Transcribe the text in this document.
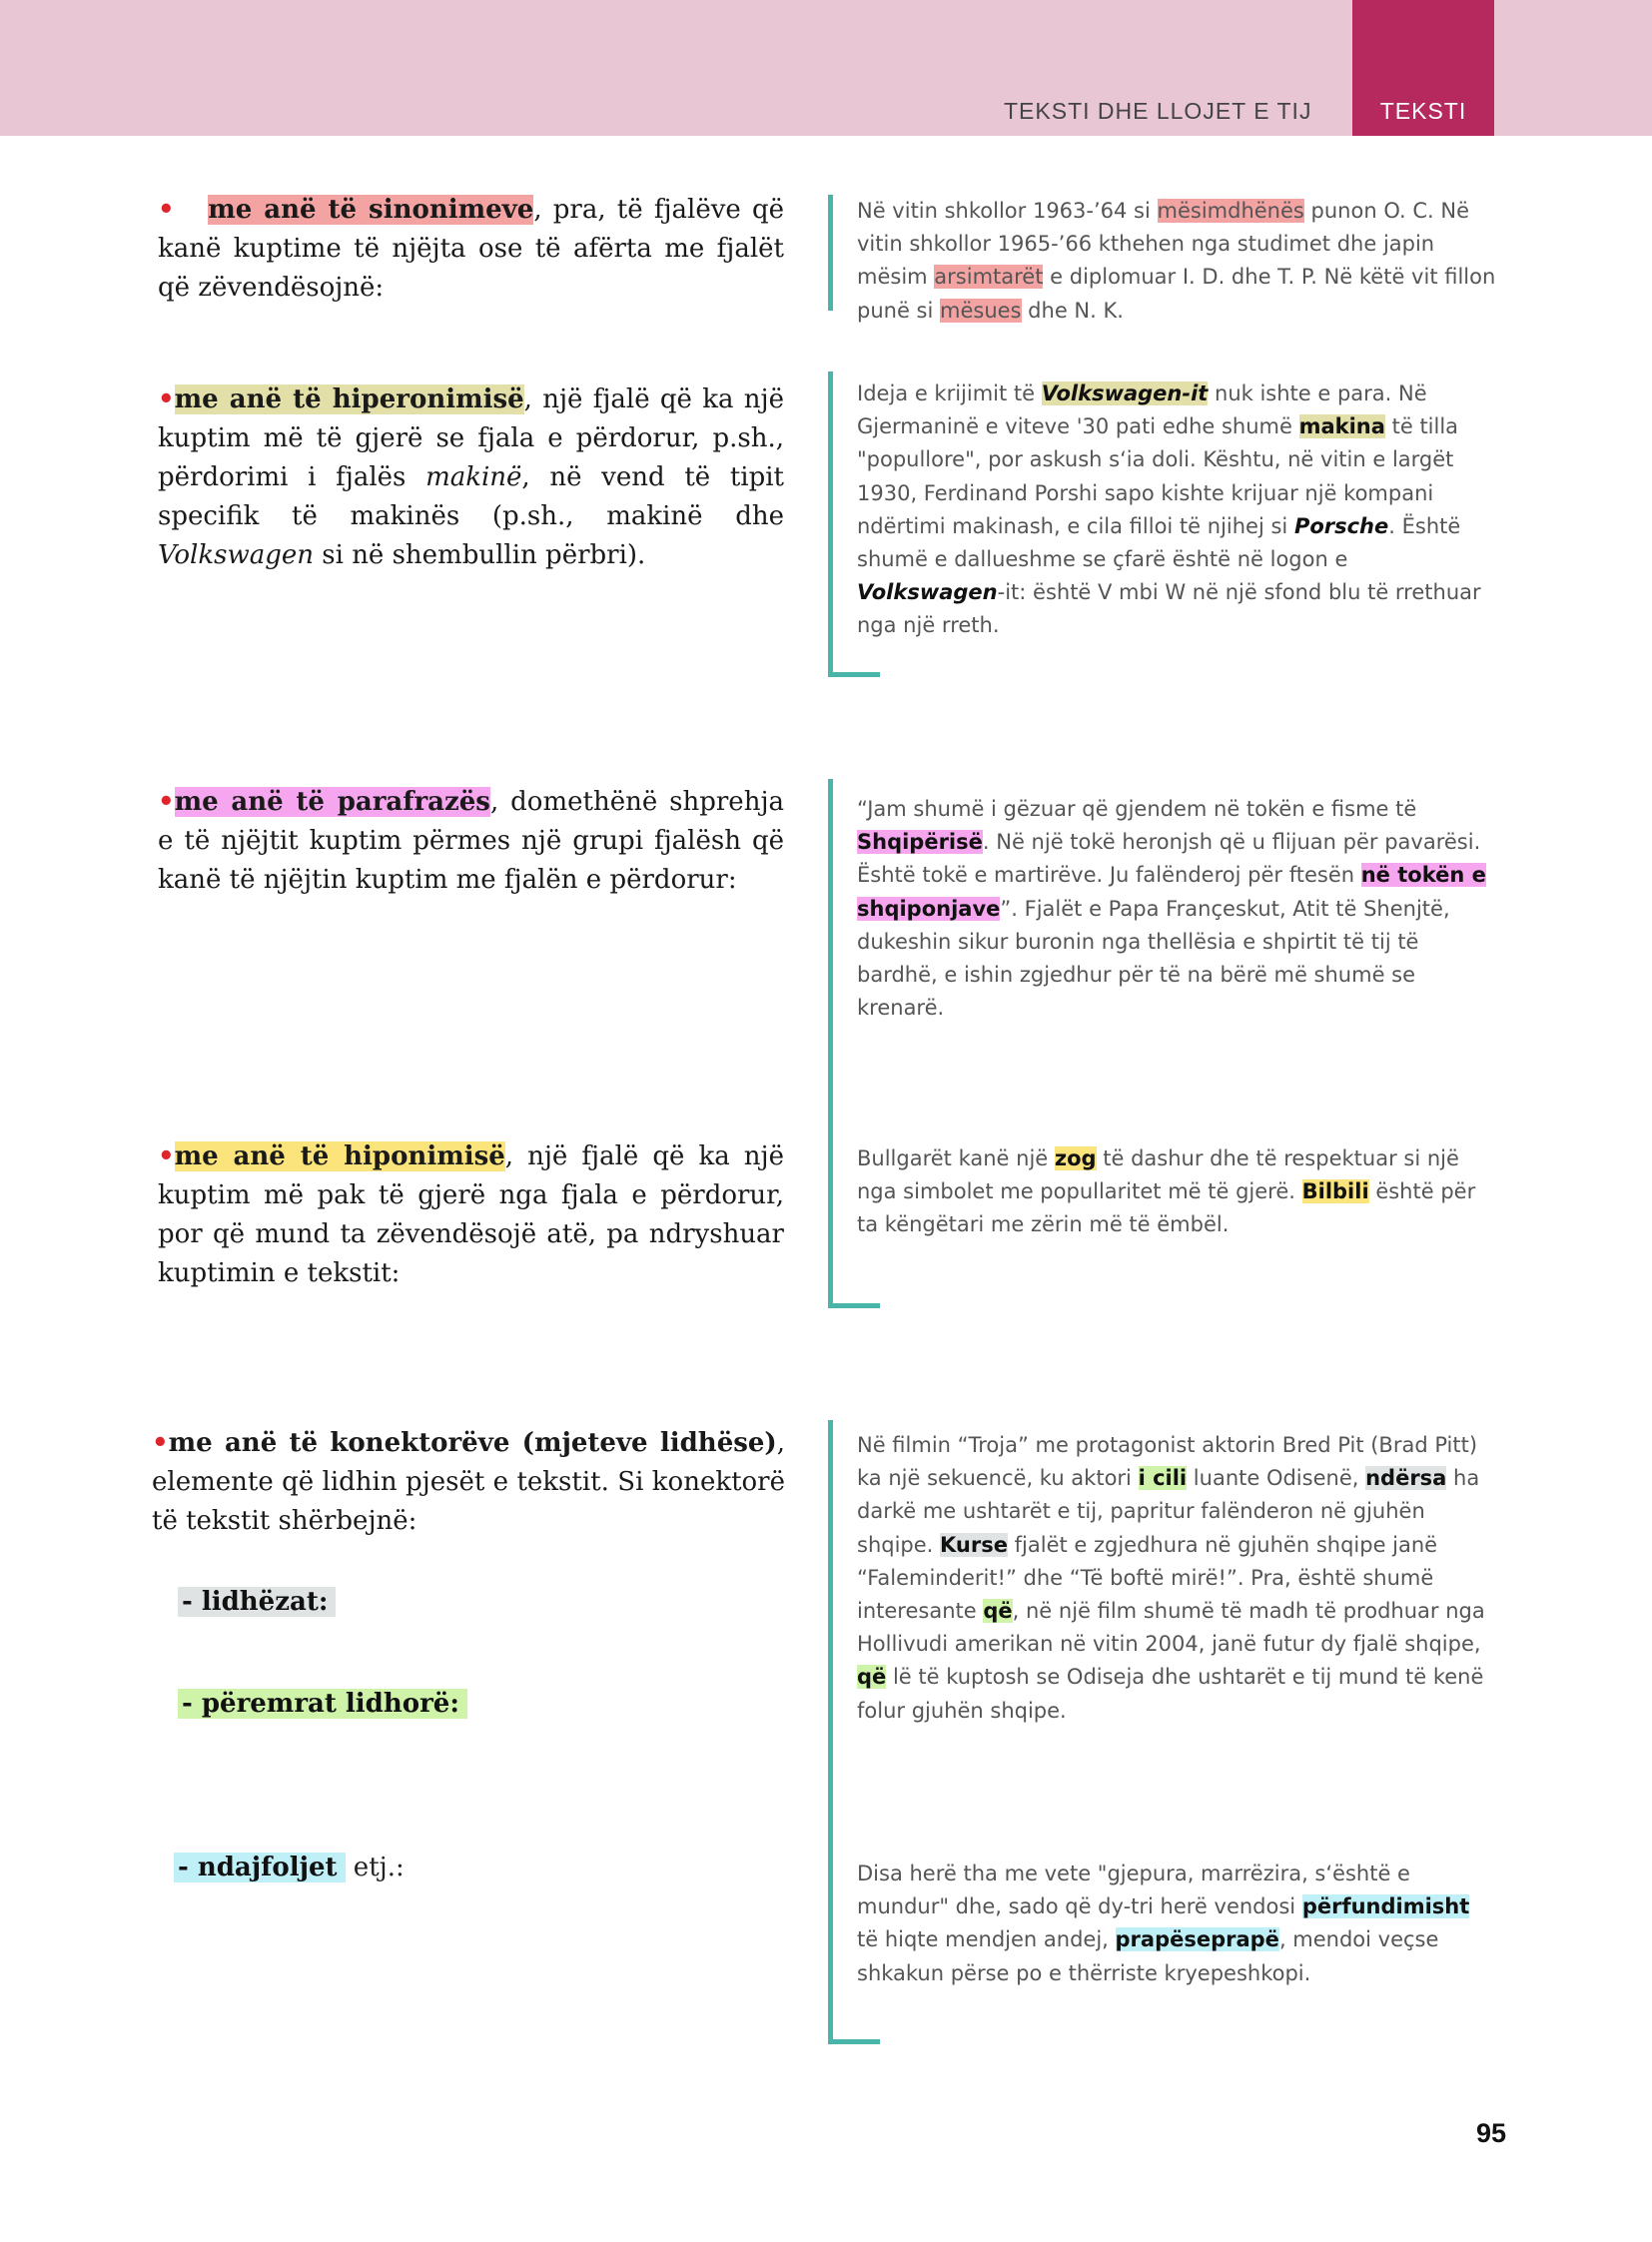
TEKSTI DHE LLOJET E TIJ	TEKSTI
• me anë të sinonimeve, pra, të fjalëve që kanë kuptime të njëjta ose të afërta me fjalët që zëvendësojnë:
Në vitin shkollor 1963-’64 si mësimdhënës punon O. C. Në vitin shkollor 1965-’66 kthehen nga studimet dhe japin mësim arsimtarët e diplomuar I. D. dhe T. P. Në këtë vit fillon punë si mësues dhe N. K.
•me anë të hiperonimisë, një fjalë që ka një kuptim më të gjerë se fjala e përdorur, p.sh., përdorimi i fjalës makinë, në vend të tipit specifik të makinës (p.sh., makinë dhe Volkswagen si në shembullin përbri).
Ideja e krijimit të Volkswagen-it nuk ishte e para. Në Gjermaninë e viteve '30 pati edhe shumë makina të tilla "popullore", por askush s‘ia doli. Kështu, në vitin e largët 1930, Ferdinand Porshi sapo kishte krijuar një kompani ndërtimi makinash, e cila filloi të njihej si Porsche. Është shumë e dallueshme se çfarë është në logon e Volkswagen-it: është V mbi W në një sfond blu të rrethuar nga një rreth.
•me anë të parafrazës, domethënë shprehja e të njëjtit kuptim përmes një grupi fjalësh që kanë të njëjtin kuptim me fjalën e përdorur:
“Jam shumë i gëzuar që gjendem në tokën e fisme të Shqipërisë. Në një tokë heronjsh që u flijuan për pavarësi. Është tokë e martirëve. Ju falënderoj për ftesën në tokën e shqiponjave”. Fjalët e Papa Françeskut, Atit të Shenjtë, dukeshin sikur buronin nga thellësia e shpirtit të tij të bardhë, e ishin zgjedhur për të na bërë më shumë se krenarë.
•me anë të hiponimisë, një fjalë që ka një kuptim më pak të gjerë nga fjala e përdorur, por që mund ta zëvendësojë atë, pa ndryshuar kuptimin e tekstit:
Bullgarët kanë një zog të dashur dhe të respektuar si një nga simbolet me popullaritet më të gjerë. Bilbili është për ta këngëtari me zërin më të ëmbël.
•me anë të konektorëve (mjeteve lidhëse), elemente që lidhin pjesët e tekstit. Si konektorë të tekstit shërbejnë:
- lidhëzat:
- përemrat lidhorë:
- ndajfoljet etj.:
Në filmin “Troja” me protagonist aktorin Bred Pit (Brad Pitt) ka një sekuencë, ku aktori i cili luante Odisenë, ndërsa ha darkë me ushtarët e tij, papritur falënderon në gjuhën shqipe. Kurse fjalët e zgjedhura në gjuhën shqipe janë “Faleminderit!” dhe “Të boftë mirë!”. Pra, është shumë interesante që, në një film shumë të madh të prodhuar nga Hollivudi amerikan në vitin 2004, janë futur dy fjalë shqipe, që lë të kuptosh se Odiseja dhe ushtarët e tij mund të kenë folur gjuhën shqipe.
Disa herë tha me vete "gjepura, marrëzira, s‘është e mundur" dhe, sado që dy-tri herë vendosi përfundimisht të hiqte mendjen andej, prapëseprapë, mendoi veçse shkakun përse po e thërriste kryepeshkopi.
95
